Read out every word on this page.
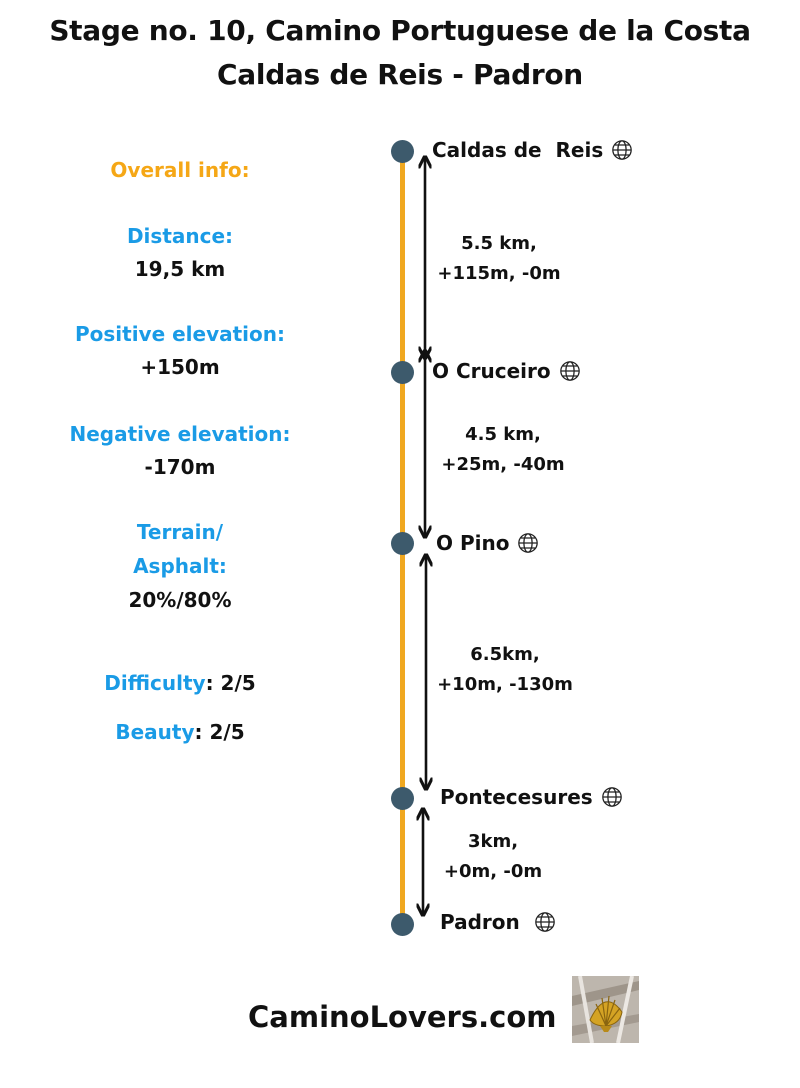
Stage no. 10, Camino Portuguese de la Costa
Caldas de Reis - Padron
Overall info:
Distance:
19,5 km
Positive elevation:
+150m
Negative elevation:
-170m
Terrain/
Asphalt:
20%/80%
Difficulty: 2/5
Beauty: 2/5
Caldas de  Reis
O Cruceiro
O Pino
Pontecesures
Padron
5.5 km,
+115m, -0m
4.5 km,
+25m, -40m
6.5km,
+10m, -130m
3km,
+0m, -0m
CaminoLovers.com
